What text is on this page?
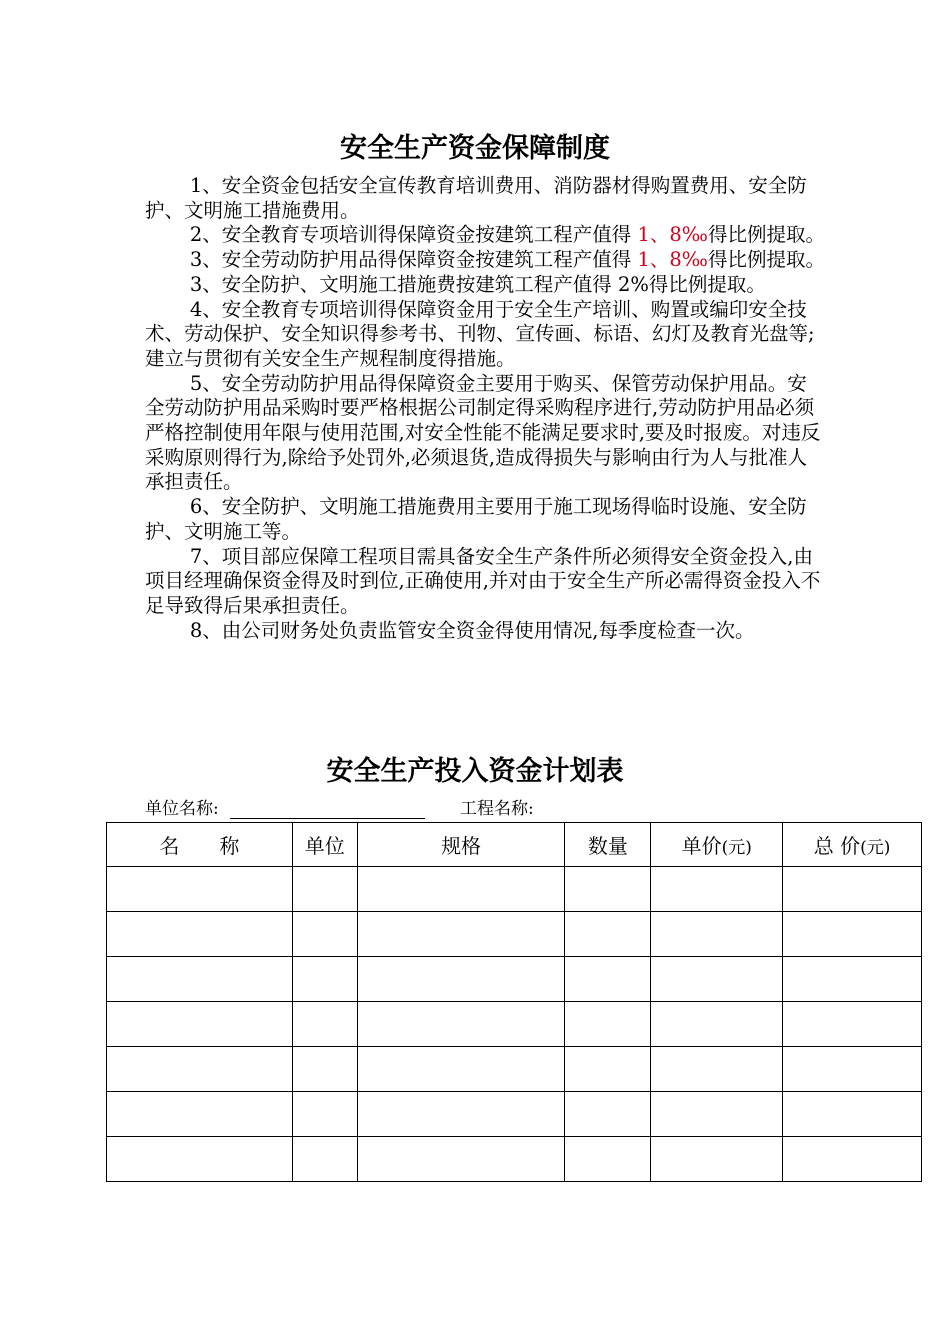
安全生产资金保障制度

1、安全资金包括安全宣传教育培训费用、消防器材得购置费用、安全防护、文明施工措施费用。

2、安全教育专项培训得保障资金按建筑工程产值得 1、8‰得比例提取。

3、安全劳动防护用品得保障资金按建筑工程产值得 1、8‰得比例提取。

3、安全防护、文明施工措施费按建筑工程产值得 2%得比例提取。

4、安全教育专项培训得保障资金用于安全生产培训、购置或编印安全技术、劳动保护、安全知识得参考书、刊物、宣传画、标语、幻灯及教育光盘等;建立与贯彻有关安全生产规程制度得措施。

5、安全劳动防护用品得保障资金主要用于购买、保管劳动保护用品。安全劳动防护用品采购时要严格根据公司制定得采购程序进行,劳动防护用品必须严格控制使用年限与使用范围,对安全性能不能满足要求时,要及时报废。对违反采购原则得行为,除给予处罚外,必须退货,造成得损失与影响由行为人与批准人承担责任。

6、安全防护、文明施工措施费用主要用于施工现场得临时设施、安全防护、文明施工等。

7、项目部应保障工程项目需具备安全生产条件所必须得安全资金投入,由项目经理确保资金得及时到位,正确使用,并对由于安全生产所必需得资金投入不足导致得后果承担责任。

8、由公司财务处负责监管安全资金得使用情况,每季度检查一次。

安全生产投入资金计划表
单位名称:	工程名称:
名　　称	单位	规格	数量	单价(元)	总 价(元)
